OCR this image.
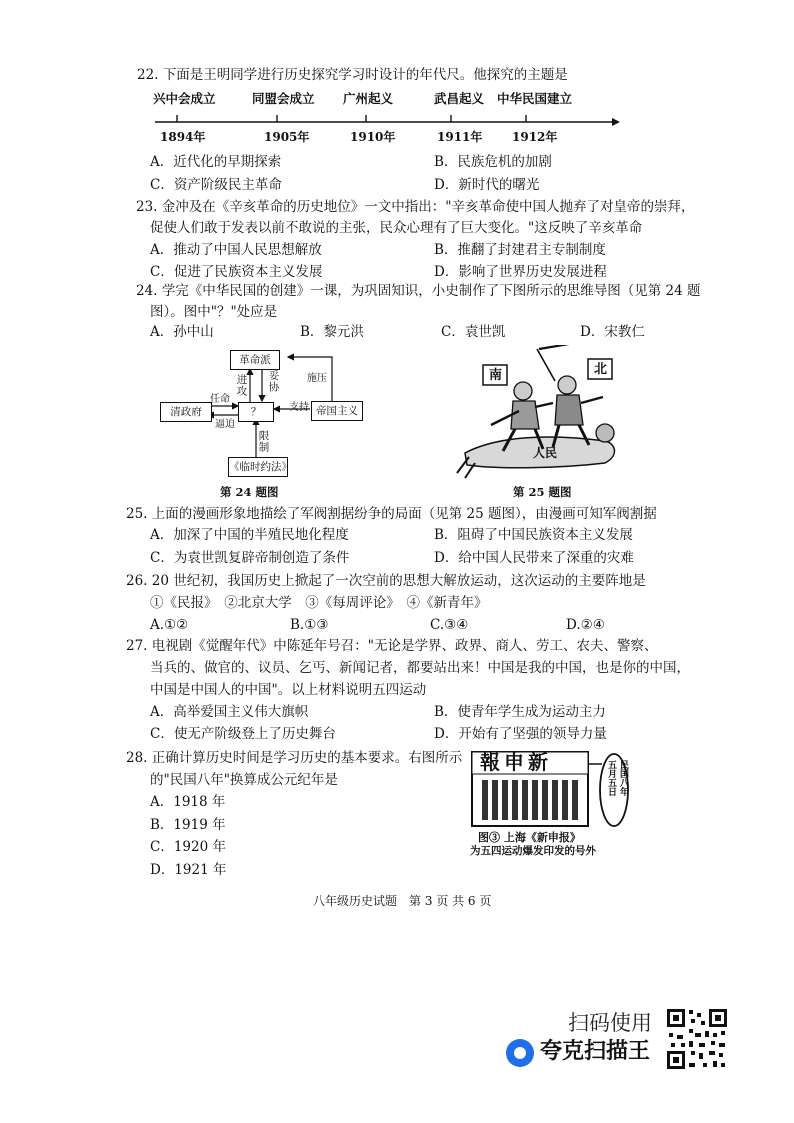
22. 下面是王明同学进行历史探究学习时设计的年代尺。他探究的主题是
兴中会成立	同盟会成立 广州起义	武昌起义 中华民国建立
1894年	1905年	1910年	1911年 1912年
A．近代化的早期探索	B．民族危机的加剧
C．资产阶级民主革命	D．新时代的曙光
23. 金冲及在《辛亥革命的历史地位》一文中指出："辛亥革命使中国人抛弃了对皇帝的崇拜，
促使人们敢于发表以前不敢说的主张，民众心理有了巨大变化。"这反映了辛亥革命
A．推动了中国人民思想解放	B．推翻了封建君主专制制度
C．促进了民族资本主义发展	D．影响了世界历史发展进程
24. 学完《中华民国的创建》一课，为巩固知识，小史制作了下图所示的思维导图（见第 24 题
图）。图中"？"处应是
A．孙中山	B．黎元洪	C．袁世凯	D．宋教仁
革命派
清政府	？	帝国主义
《临时约法》
进攻 妥协	施压
任命
支持
逼迫
限制
第 24 题图
南	北
人民
第 25 题图
25. 上面的漫画形象地描绘了军阀割据纷争的局面（见第 25 题图），由漫画可知军阀割据
A．加深了中国的半殖民地化程度	B．阻碍了中国民族资本主义发展
C．为袁世凯复辟帝制创造了条件	D．给中国人民带来了深重的灾难
26. 20 世纪初，我国历史上掀起了一次空前的思想大解放运动，这次运动的主要阵地是
①《民报》　②北京大学　③《每周评论》　④《新青年》
A.①②	B.①③	C.③④	D.②④
27. 电视剧《觉醒年代》中陈延年号召："无论是学界、政界、商人、劳工、农夫、警察、
当兵的、做官的、议员、乞丐、新闻记者，都要站出来！中国是我的中国，也是你的中国，
中国是中国人的中国"。以上材料说明五四运动
A．高举爱国主义伟大旗帜	B．使青年学生成为运动主力
C．使无产阶级登上了历史舞台	D．开始有了坚强的领导力量
28. 正确计算历史时间是学习历史的基本要求。右图所示
的"民国八年"换算成公元纪年是
A．1918 年
B．1919 年
C．1920 年
D．1921 年
報申新	民国八年
五月五日
图③ 上海《新申报》
为五四运动爆发印发的号外
八年级历史试题　第 3 页 共 6 页
扫码使用
夸克扫描王
